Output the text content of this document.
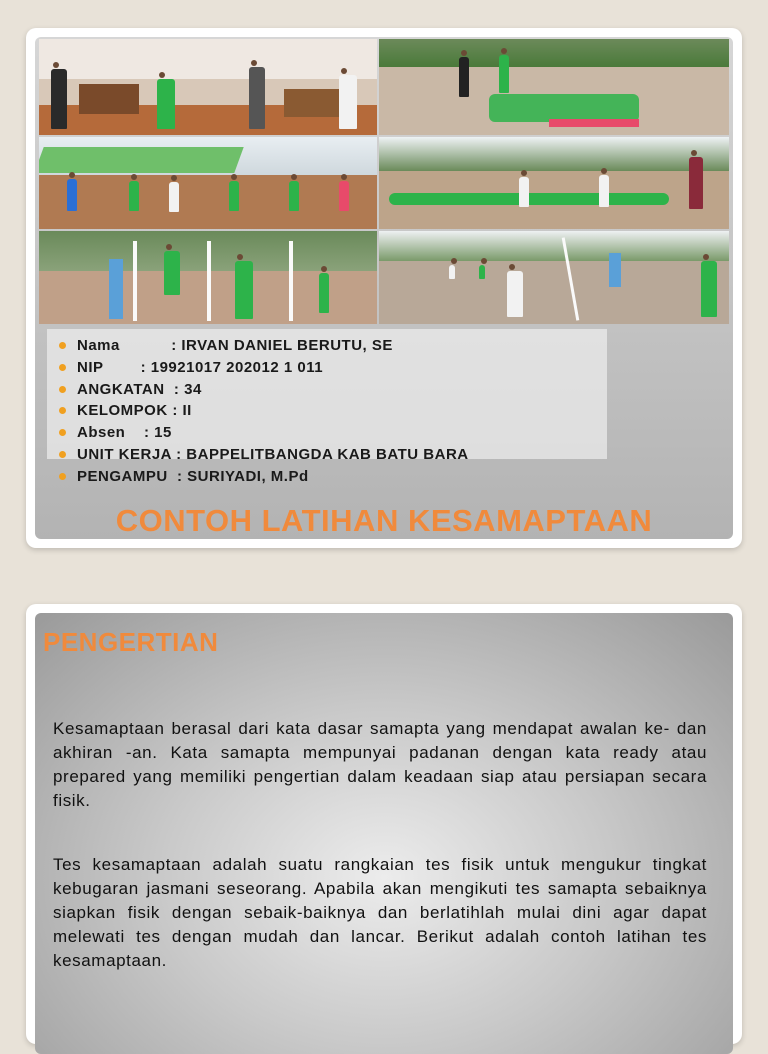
Nama           : IRVAN DANIEL BERUTU, SE
NIP        : 19921017 202012 1 011
ANGKATAN  : 34
KELOMPOK : II
Absen    : 15
UNIT KERJA : BAPPELITBANGDA KAB BATU BARA
PENGAMPU  : SURIYADI, M.Pd
CONTOH LATIHAN KESAMAPTAAN
PENGERTIAN
Kesamaptaan berasal dari kata dasar samapta yang mendapat awalan ke- dan akhiran -an. Kata samapta mempunyai padanan dengan kata ready atau prepared yang memiliki pengertian dalam keadaan siap atau persiapan secara fisik.
Tes kesamaptaan adalah suatu rangkaian tes fisik untuk mengukur tingkat kebugaran jasmani seseorang. Apabila akan mengikuti tes samapta sebaiknya siapkan fisik dengan sebaik-baiknya dan berlatihlah mulai dini agar dapat melewati tes dengan mudah dan lancar. Berikut adalah contoh latihan tes kesamaptaan.
